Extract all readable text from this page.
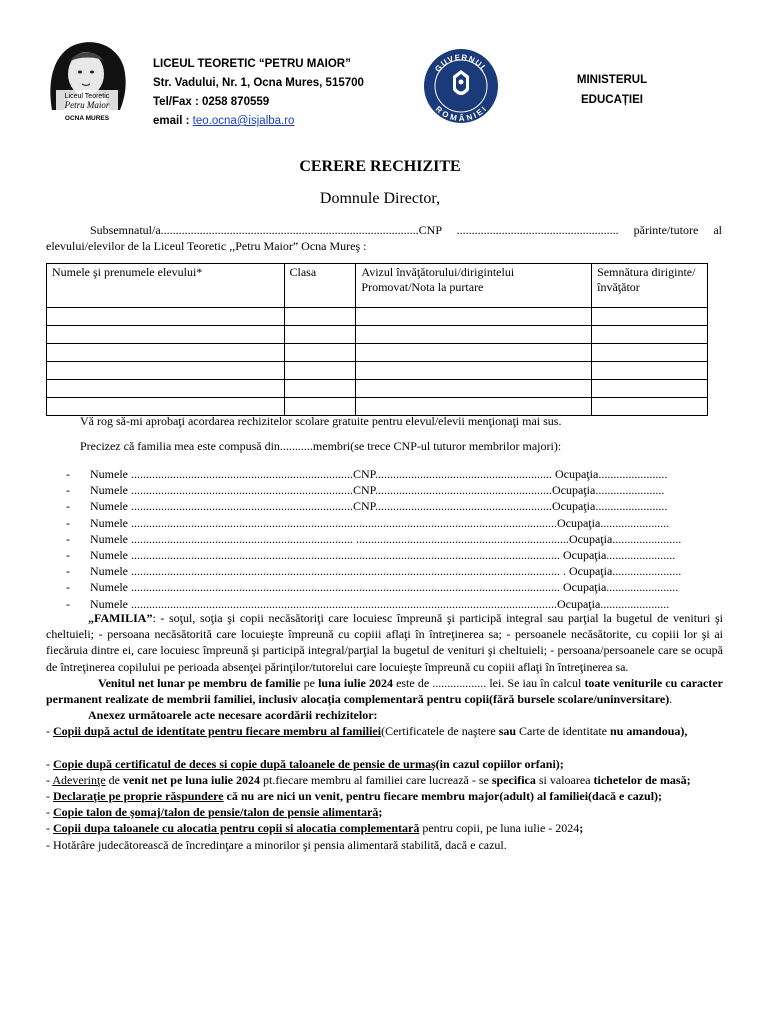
Liceul Teoretic
Petru Maior
OCNA MURES
LICEUL TEORETIC “PETRU MAIOR”
Str. Vadului, Nr. 1, Ocna Mures, 515700
Tel/Fax : 0258 870559
email : teo.ocna@isjalba.ro
GUVERNUL
ROMÂNIEI
MINISTERUL
EDUCAȚIEI
CERERE RECHIZITE
Domnule Director,
Subsemnatul/a......................................................................................CNP ...................................................... părinte/tutore al
elevului/elevilor de la Liceul Teoretic ,,Petru Maior” Ocna Mureş :
Numele şi prenumele elevului*	Clasa	Avizul învăţătorului/dirigintelui Promovat/Nota la purtare	Semnătura diriginte/ învăţător

Vă rog să-mi aprobaţi acordarea rechizitelor scolare gratuite pentru elevul/elevii menţionaţi mai sus.
Precizez că familia mea este compusă din...........membri(se trece CNP-ul tuturor membrilor majori):
- Numele ..........................................................................CNP........................................................... Ocupaţia.......................
- Numele ..........................................................................CNP...........................................................Ocupaţia.......................
- Numele ..........................................................................CNP...........................................................Ocupaţia........................
- Numele ..............................................................................................................................................Ocupaţia.......................
- Numele .......................................................................... .......................................................................Ocupaţia.......................
- Numele ............................................................................................................................................... Ocupaţia.......................
- Numele ............................................................................................................................................... . Ocupaţia.......................
- Numele ............................................................................................................................................... Ocupaţia........................
- Numele ..............................................................................................................................................Ocupaţia.......................

„FAMILIA”: - soţul, soţia şi copii necăsătoriţi care locuiesc împreună şi participă integral sau parţial la bugetul de venituri şi cheltuieli; - persoana necăsătorită care locuieşte împreună cu copiii aflaţi în întreţinerea sa; - persoanele necăsătorite, cu copiii lor şi ai fiecăruia dintre ei, care locuiesc împreună şi participă integral/parţial la bugetul de venituri şi cheltuieli; - persoana/persoanele care se ocupă de întreţinerea copilului pe perioada absenţei părinţilor/tutorelui care locuieşte împreună cu copiii aflaţi în întreţinerea sa.

Venitul net lunar pe membru de familie pe luna iulie 2024 este de .................. lei. Se iau în calcul toate veniturile cu caracter permanent realizate de membrii familiei, inclusiv alocația complementară pentru copii(fără bursele scolare/uninversitare).

Anexez următoarele acte necesare acordării rechizitelor:

- Copii după actul de identitate pentru fiecare membru al familiei(Certificatele de naştere sau Carte de identitate nu amandoua),

- Copie după certificatul de deces si copie după taloanele de pensie de urmaș(in cazul copiilor orfani);

- Adeverinţe de venit net pe luna iulie 2024 pt.fiecare membru al familiei care lucrează - se specifica si valoarea tichetelor de masă;

- Declaraţie pe proprie răspundere că nu are nici un venit, pentru fiecare membru major(adult) al familiei(dacă e cazul);

- Copie talon de şomaj/talon de pensie/talon de pensie alimentară;

- Copii dupa taloanele cu alocatia pentru copii si alocatia complementară pentru copii, pe luna iulie - 2024;

- Hotărâre judecătorească de încredinţare a minorilor şi pensia alimentară stabilită, dacă e cazul.
